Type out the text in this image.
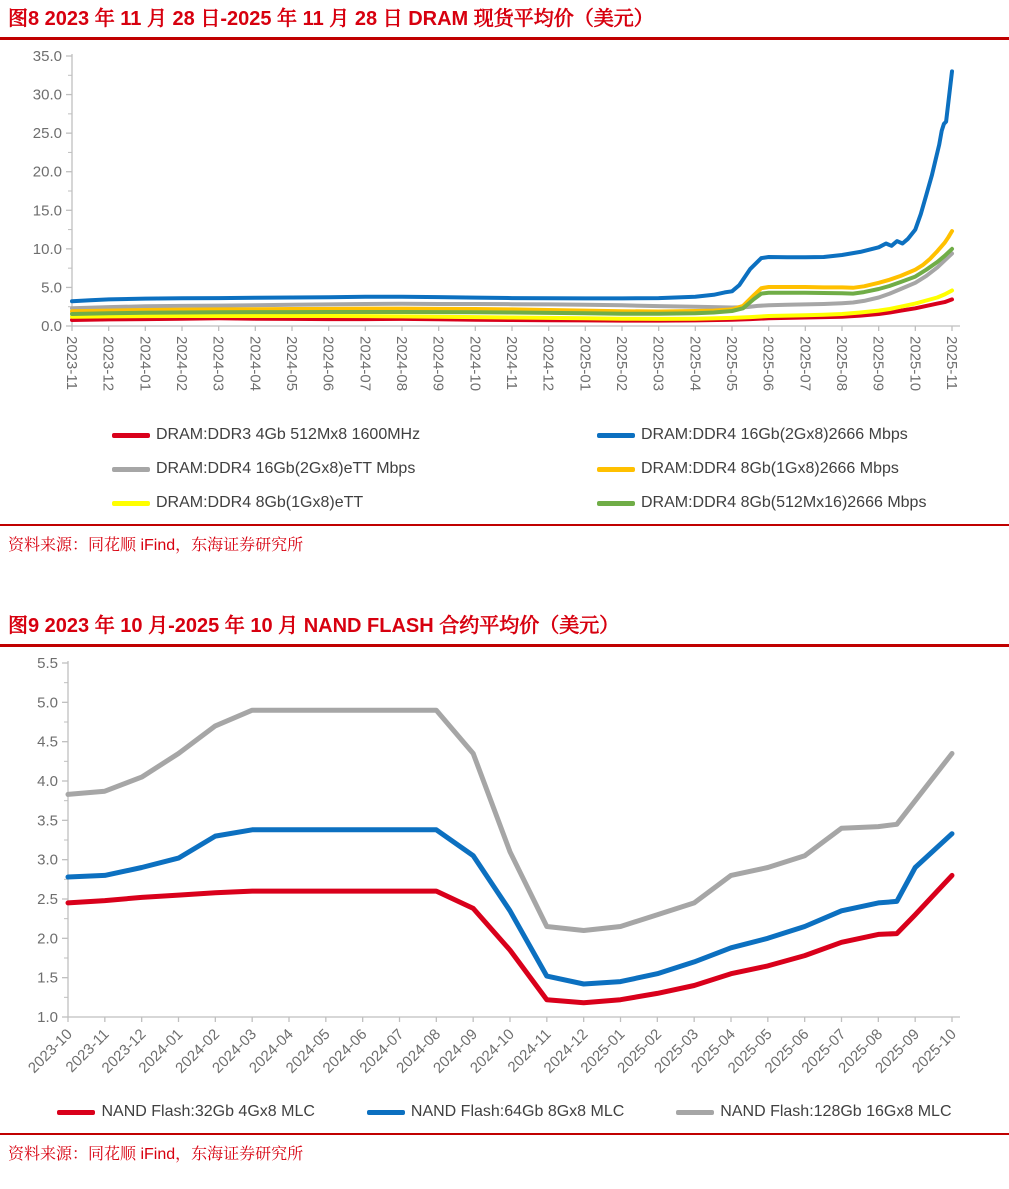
图8 2023 年 11 月 28 日-2025 年 11 月 28 日 DRAM 现货平均价（美元）
0.0
5.0
10.0
15.0
20.0
25.0
30.0
35.0
2023-11 2023-12 2024-01 2024-02 2024-03 2024-04 2024-05 2024-06 2024-07 2024-08 2024-09 2024-10 2024-11 2024-12 2025-01 2025-02 2025-03 2025-04 2025-05 2025-06 2025-07 2025-08 2025-09 2025-10 2025-11
DRAM:DDR3 4Gb 512Mx8 1600MHz	DRAM:DDR4 16Gb(2Gx8)2666 Mbps
DRAM:DDR4 16Gb(2Gx8)eTT Mbps	DRAM:DDR4 8Gb(1Gx8)2666 Mbps
DRAM:DDR4 8Gb(1Gx8)eTT	DRAM:DDR4 8Gb(512Mx16)2666 Mbps
资料来源：同花顺 iFind，东海证券研究所
图9 2023 年 10 月-2025 年 10 月 NAND FLASH 合约平均价（美元）
1.0
1.5
2.0
2.5
3.0
3.5
4.0
4.5
5.0
5.5
2023-10
2023-11
2023-12
2024-01
2024-02
2024-03
2024-04
2024-05
2024-06
2024-07
2024-08
2024-09
2024-10
2024-11
2024-12
2025-01
2025-02
2025-03
2025-04
2025-05
2025-06
2025-07
2025-08
2025-09
2025-10
NAND Flash:32Gb 4Gx8 MLC	NAND Flash:64Gb 8Gx8 MLC	NAND Flash:128Gb 16Gx8 MLC
资料来源：同花顺 iFind，东海证券研究所
